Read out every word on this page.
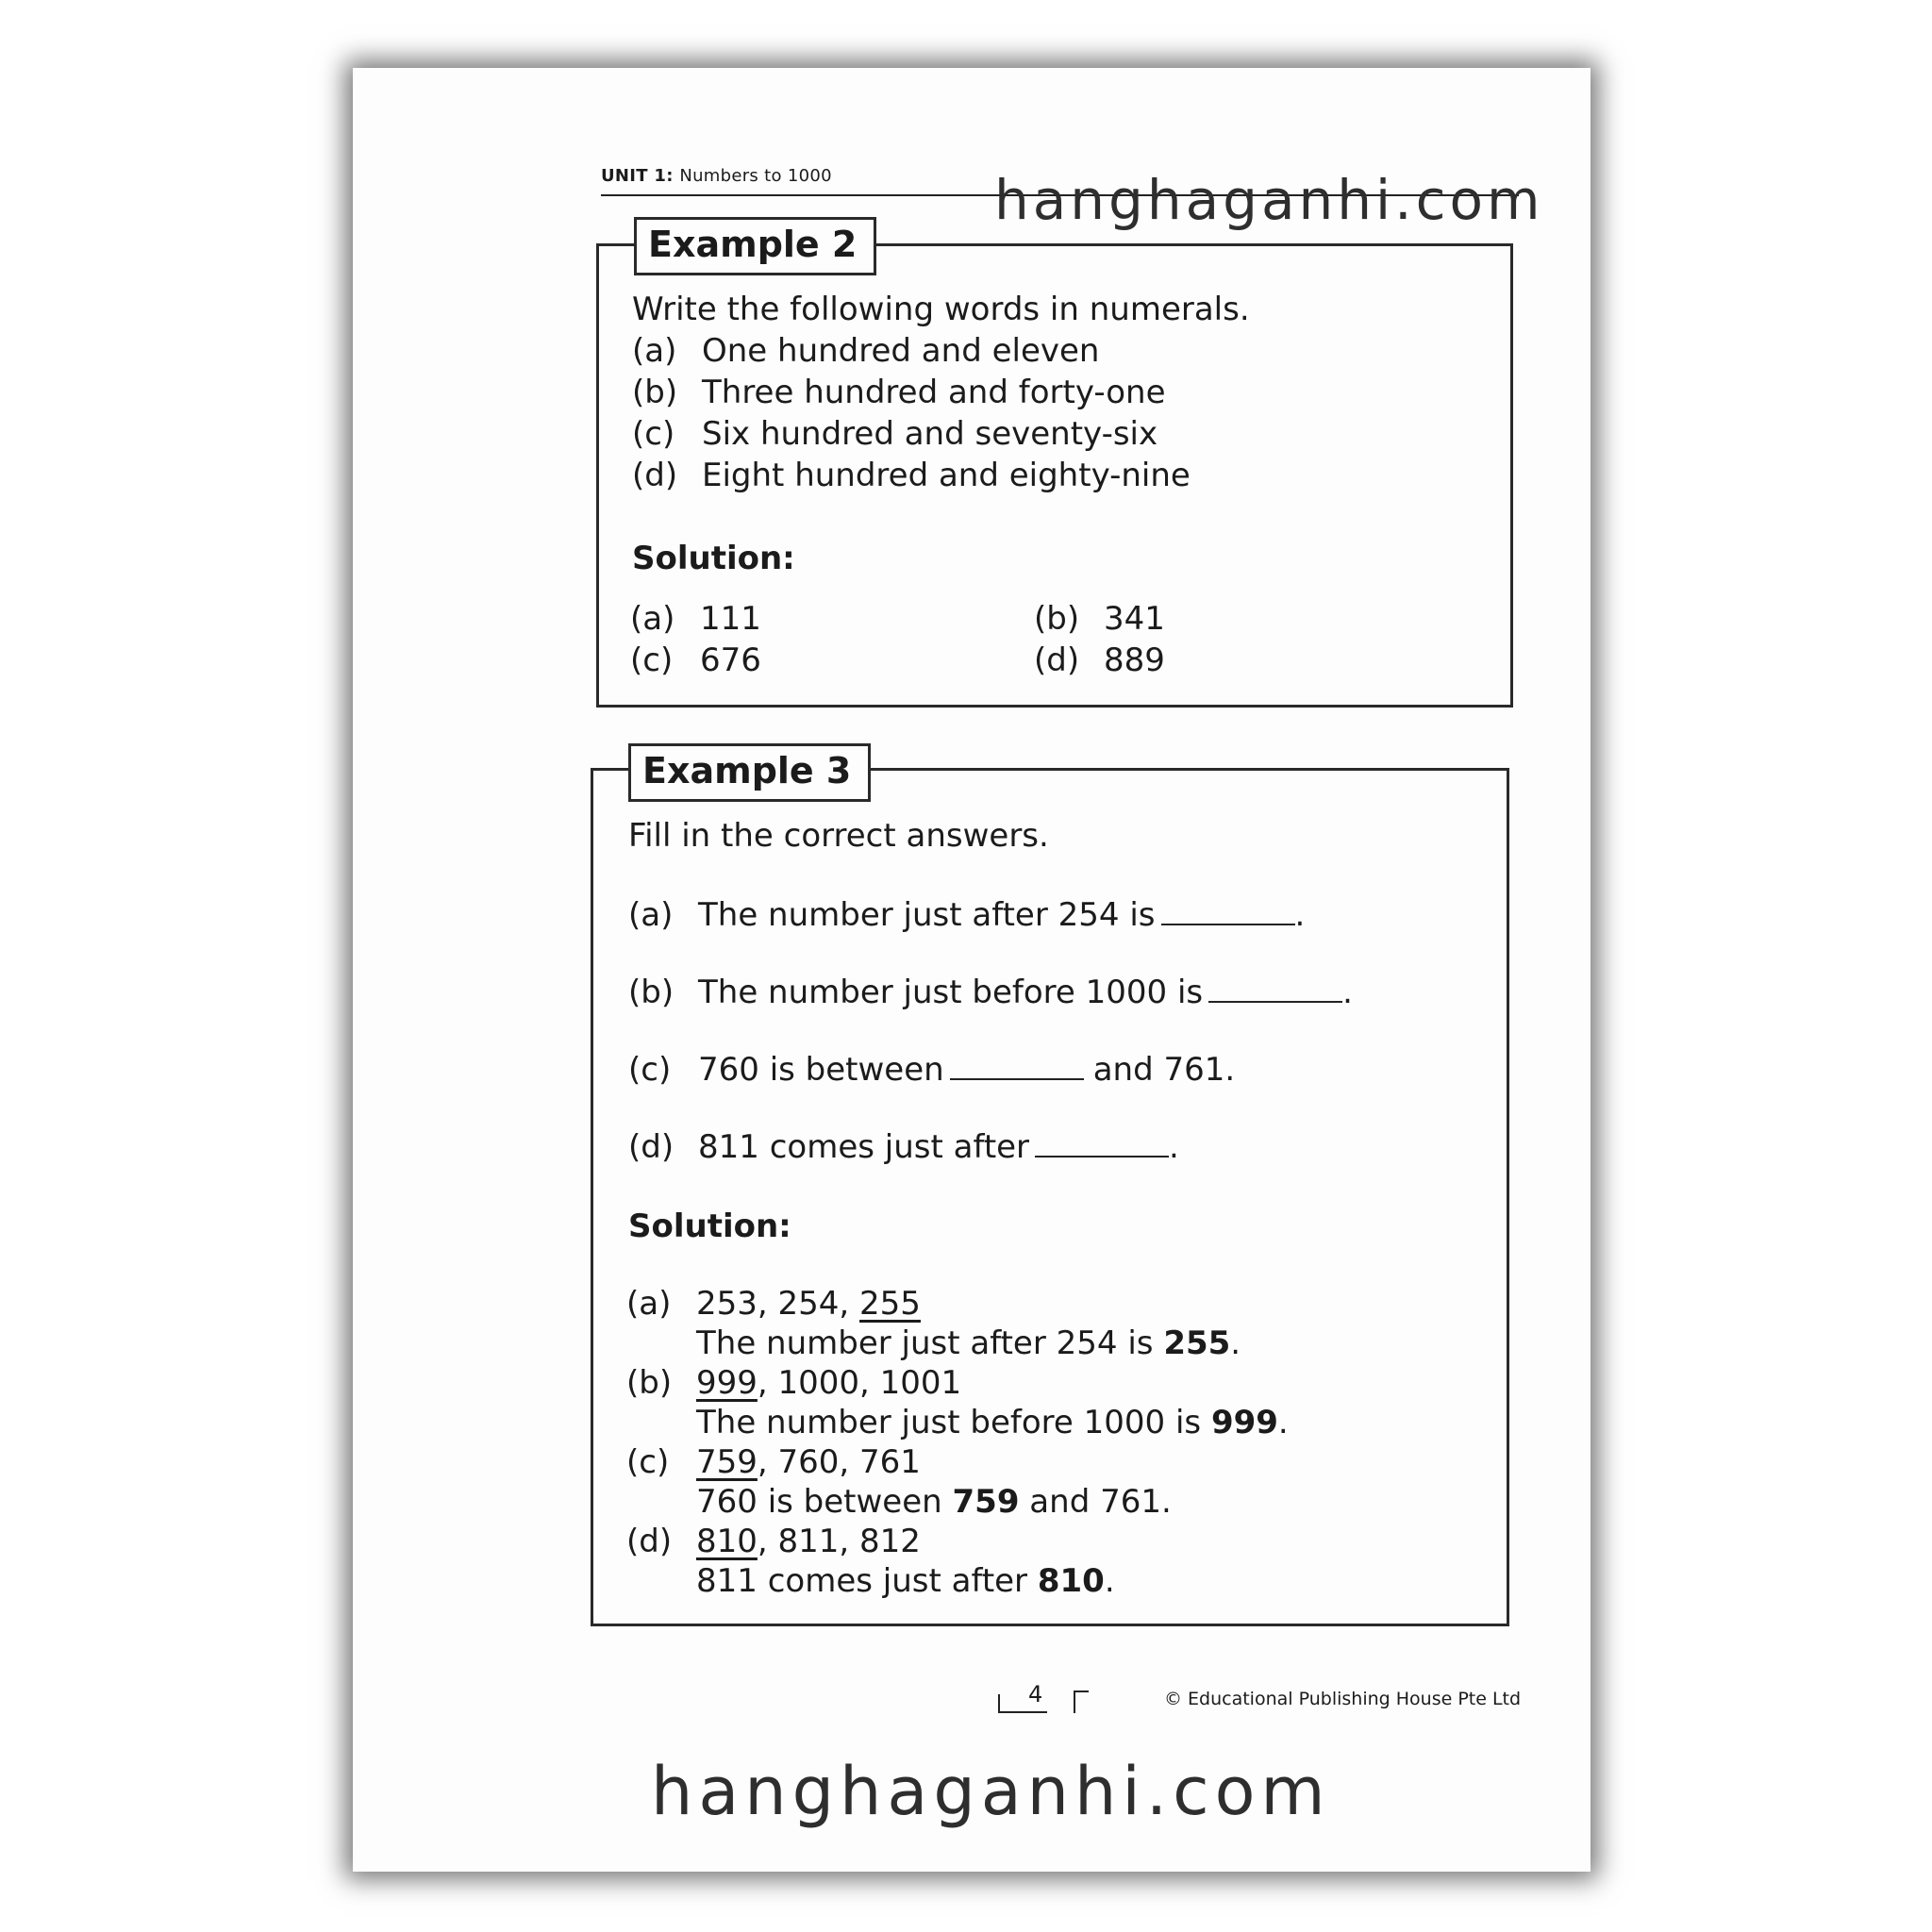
UNIT 1: Numbers to 1000	hanghaganhi.com
Example 2
Write the following words in numerals.
(a) One hundred and eleven
(b) Three hundred and forty-one
(c) Six hundred and seventy-six
(d) Eight hundred and eighty-nine
Solution:
(a) 111	(b) 341
(c) 676	(d) 889
Example 3
Fill in the correct answers.
(a) The number just after 254 is	.
(b) The number just before 1000 is	.
(c) 760 is between	and 761.
(d) 811 comes just after	.
Solution:
(a) 253, 254, 255
The number just after 254 is 255.
(b) 999, 1000, 1001
The number just before 1000 is 999.
(c) 759, 760, 761
760 is between 759 and 761.
(d) 810, 811, 812
811 comes just after 810.
4	© Educational Publishing House Pte Ltd
hanghaganhi.com
